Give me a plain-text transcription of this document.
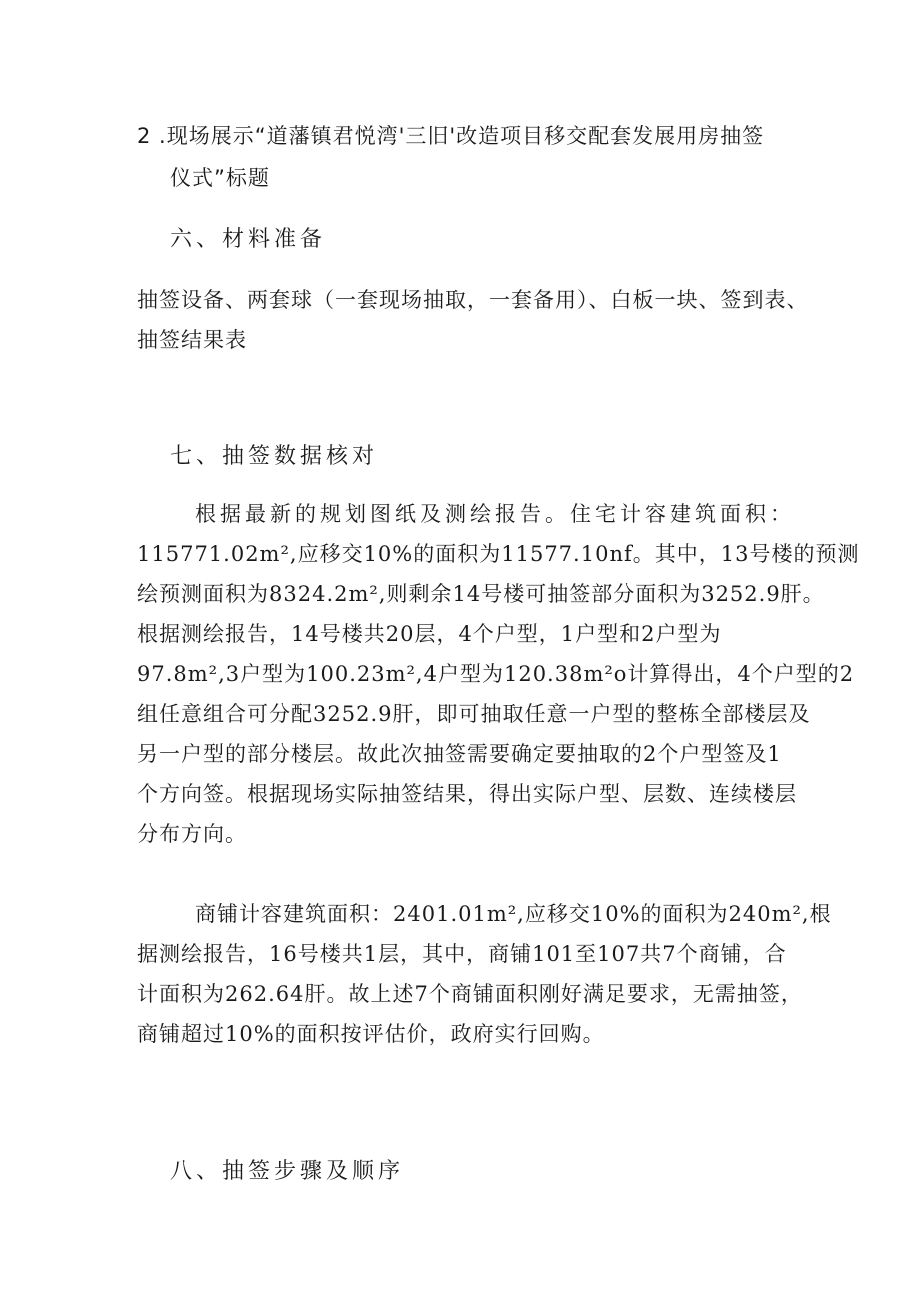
2 .现场展示“道藩镇君悦湾'三旧'改造项目移交配套发展用房抽签
仪式”标题
六、材料准备
抽签设备、两套球（一套现场抽取，一套备用）、白板一块、签到表、
抽签结果表
七、抽签数据核对
根据最新的规划图纸及测绘报告。住宅计容建筑面积：
115771.02m²,应移交10%的面积为11577.10nf。其中，13号楼的预测
绘预测面积为8324.2m²,则剩余14号楼可抽签部分面积为3252.9肝。
根据测绘报告，14号楼共20层，4个户型，1户型和2户型为
97.8m²,3户型为100.23m²,4户型为120.38m²o计算得出，4个户型的2
组任意组合可分配3252.9肝，即可抽取任意一户型的整栋全部楼层及
另一户型的部分楼层。故此次抽签需要确定要抽取的2个户型签及1
个方向签。根据现场实际抽签结果，得出实际户型、层数、连续楼层
分布方向。
商铺计容建筑面积：2401.01m²,应移交10%的面积为240m²,根
据测绘报告，16号楼共1层，其中，商铺101至107共7个商铺，合
计面积为262.64肝。故上述7个商铺面积刚好满足要求，无需抽签，
商铺超过10%的面积按评估价，政府实行回购。
八、抽签步骤及顺序
